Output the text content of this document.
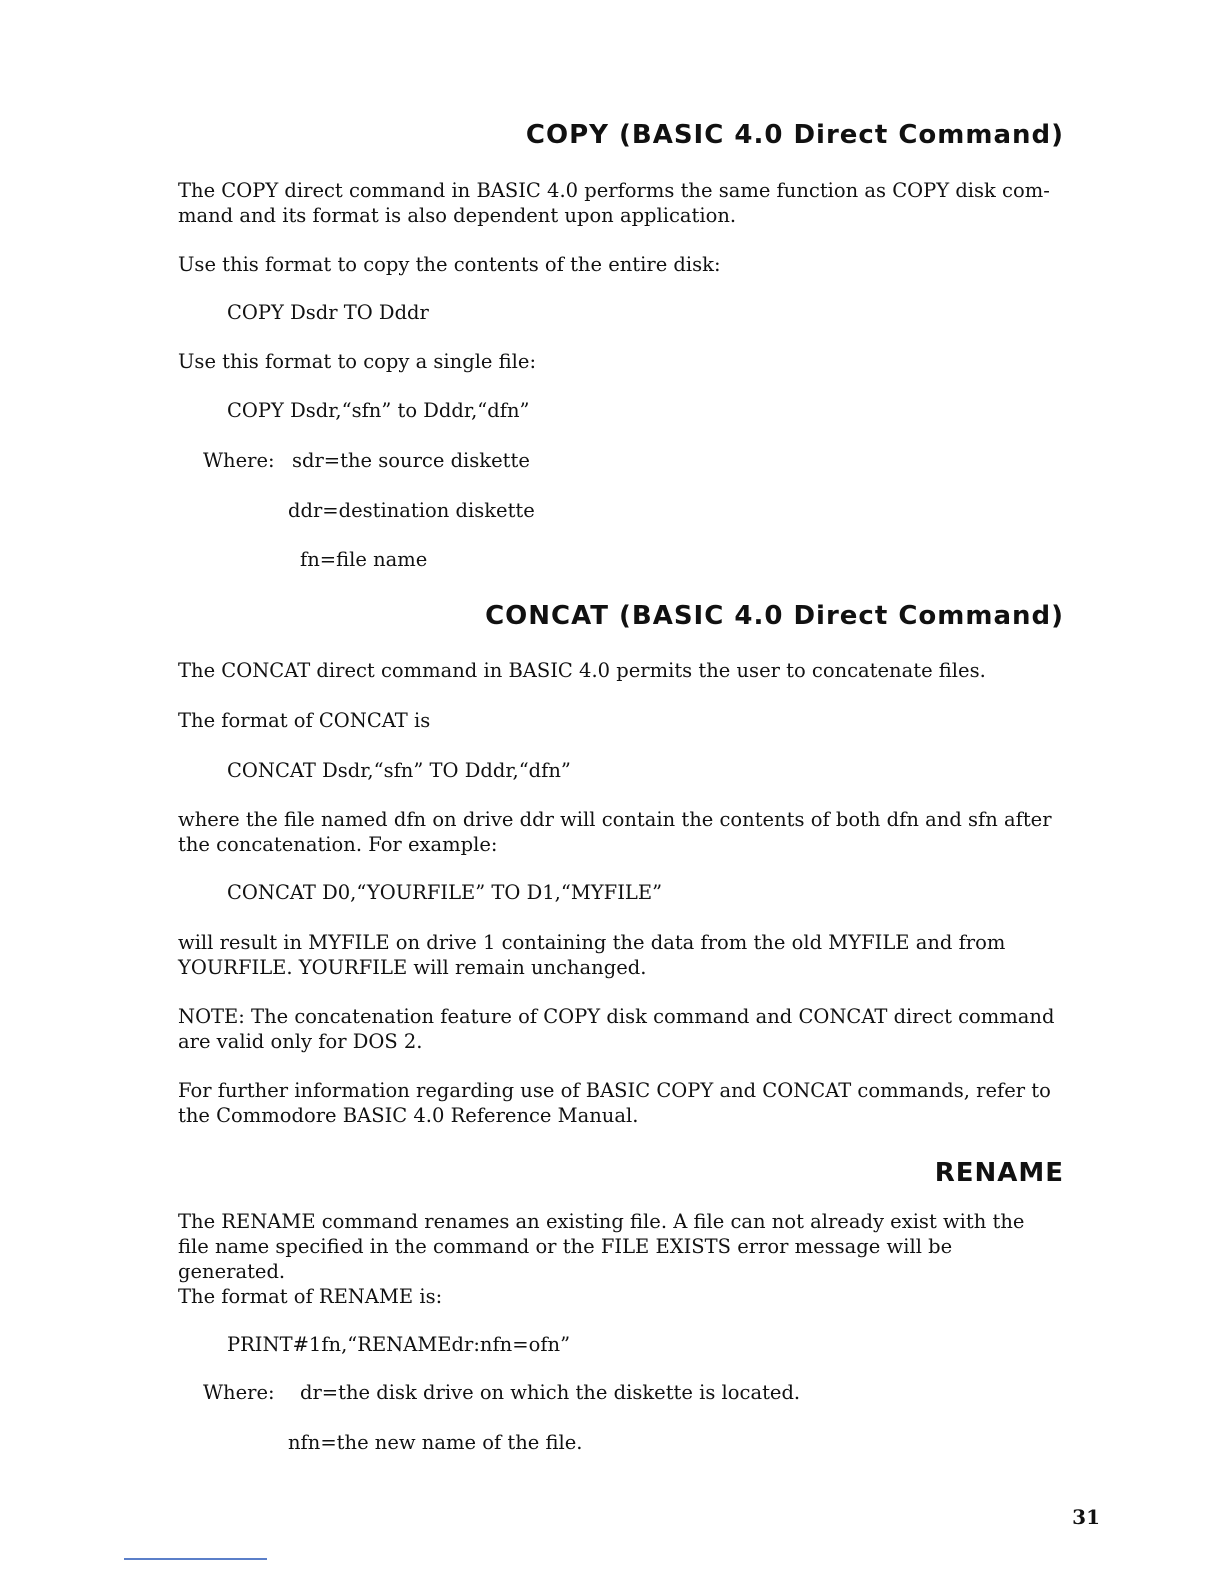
COPY (BASIC 4.0 Direct Command)
The COPY direct command in BASIC 4.0 performs the same function as COPY disk com-mand and its format is also dependent upon application.
Use this format to copy the contents of the entire disk:
COPY Dsdr TO Dddr
Use this format to copy a single file:
COPY Dsdr,“sfn” to Dddr,“dfn”
Where: sdr=the source diskette
ddr=destination diskette
fn=file name
CONCAT (BASIC 4.0 Direct Command)
The CONCAT direct command in BASIC 4.0 permits the user to concatenate files.
The format of CONCAT is
CONCAT Dsdr,“sfn” TO Dddr,“dfn”
where the file named dfn on drive ddr will contain the contents of both dfn and sfn after the concatenation. For example:
CONCAT D0,“YOURFILE” TO D1,“MYFILE”
will result in MYFILE on drive 1 containing the data from the old MYFILE and from YOURFILE. YOURFILE will remain unchanged.
NOTE: The concatenation feature of COPY disk command and CONCAT direct command are valid only for DOS 2.
For further information regarding use of BASIC COPY and CONCAT commands, refer to the Commodore BASIC 4.0 Reference Manual.
RENAME
The RENAME command renames an existing file. A file can not already exist with the file name specified in the command or the FILE EXISTS error message will be generated.
The format of RENAME is:
PRINT#1fn,“RENAMEdr:nfn=ofn”
Where: dr=the disk drive on which the diskette is located.
nfn=the new name of the file.
31
